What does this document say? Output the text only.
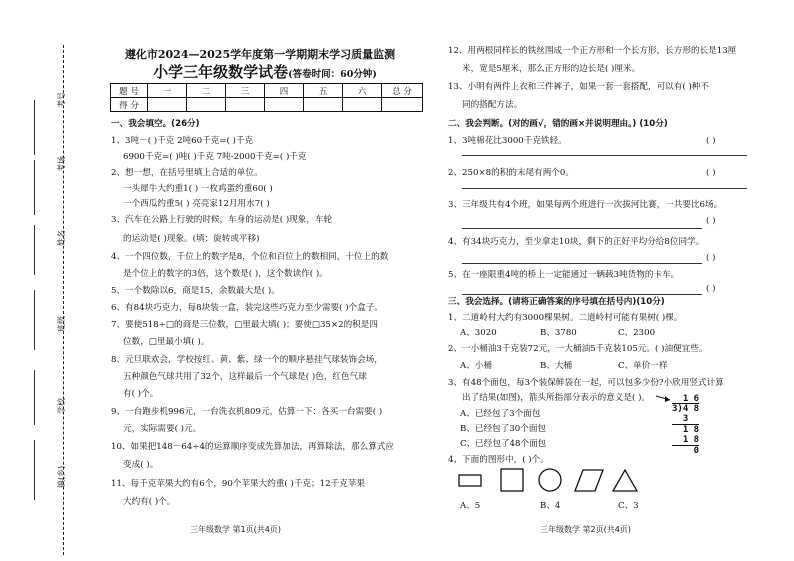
考号
考场
姓名
班级
学校
镇(乡)
遵化市2024—2025学年度第一学期期末学习质量监测
小学三年级数学试卷(答卷时间：60分钟)
题 号	一	二	三	四	五	六	总 分
得 分							
一、我会填空。(26分)
1、3吨－( )千克 2吨60千克=( )千克
6900千克=( )吨( )千克 7吨-2000千克=( )千克
2、想一想，在括号里填上合适的单位。
一头犀牛大约重1( ) 一枚鸡蛋约重60( )
一个西瓜约重5( ) 亮亮家12月用水7( )
3、汽车在公路上行驶的时候，车身的运动是( )现象，车轮
的运动是( )现象。(填：旋转或平移)
4、一个四位数，千位上的数字是8，个位和百位上的数相同，十位上的数
是个位上的数字的3倍，这个数是( )，这个数读作( )。
5、一个数除以6，商是15，余数最大是( )。
6、有84块巧克力，每8块装一盒，装完这些巧克力至少需要( )个盒子。
7、要使518÷□的商是三位数，□里最大填( )；要使□35×2的积是四
位数，□里最小填( )。
8、元旦联欢会，学校按红、黄、紫、绿一个的顺序悬挂气球装饰会场，
五种颜色气球共用了32个，这样最后一个气球是( )色，红色气球
有( )个。
9、一台跑步机996元，一台洗衣机809元，估算一下：各买一台需要( )
元，实际需要( )元。
10、如果把148－64÷4的运算顺序变成先算加法，再算除法，那么算式应
变成( )。
11、每千克苹果大约有6个，90个苹果大约重( )千克；12千克苹果
大约有( )个。
三年级数学 第1页(共4页)
12、用两根同样长的铁丝围成一个正方形和一个长方形，长方形的长是13厘
米，宽是5厘米，那么正方形的边长是( )厘米。
13、小明有两件上衣和三件裤子，如果一套一套搭配，可以有( )种不
同的搭配方法。
二、我会判断。(对的画√，错的画×并说明理由。) (10分)
1、3吨棉花比3000千克铁轻。	( )
2、250×8的积的末尾有两个0。	( )
3、三年级共有4个班，如果每两个班进行一次拔河比赛，一共要比6场。
( )
4、有34块巧克力，至少拿走10块，剩下的正好平均分给8位同学。
( )
5、在一座限重4吨的桥上一定能通过一辆载3吨货物的卡车。
( )
三、我会选择。(请将正确答案的序号填在括号内)(10分)
1、二道岭村大约有3000棵果树。二道岭村可能有果树( )棵。
A、3020	B、3780	C、2300
2、一小桶油3千克装72元，一大桶油5千克装105元。( )油便宜些。
A、小桶	B、大桶	C、单价一样
3、有48个面包，每3个装保鲜袋在一起，可以包多少份?小欣用竖式计算
出了结果(如图)，箭头所指部分表示的意义是( )。
A、已经包了3个面包
B、已经包了30个面包
C、已经包了48个面包
1 6
3)4 8
3
1 8
1 8
0
4、下面的图形中，( )个。
A、5	B、4	C、3
三年级数学 第2页(共4页)
